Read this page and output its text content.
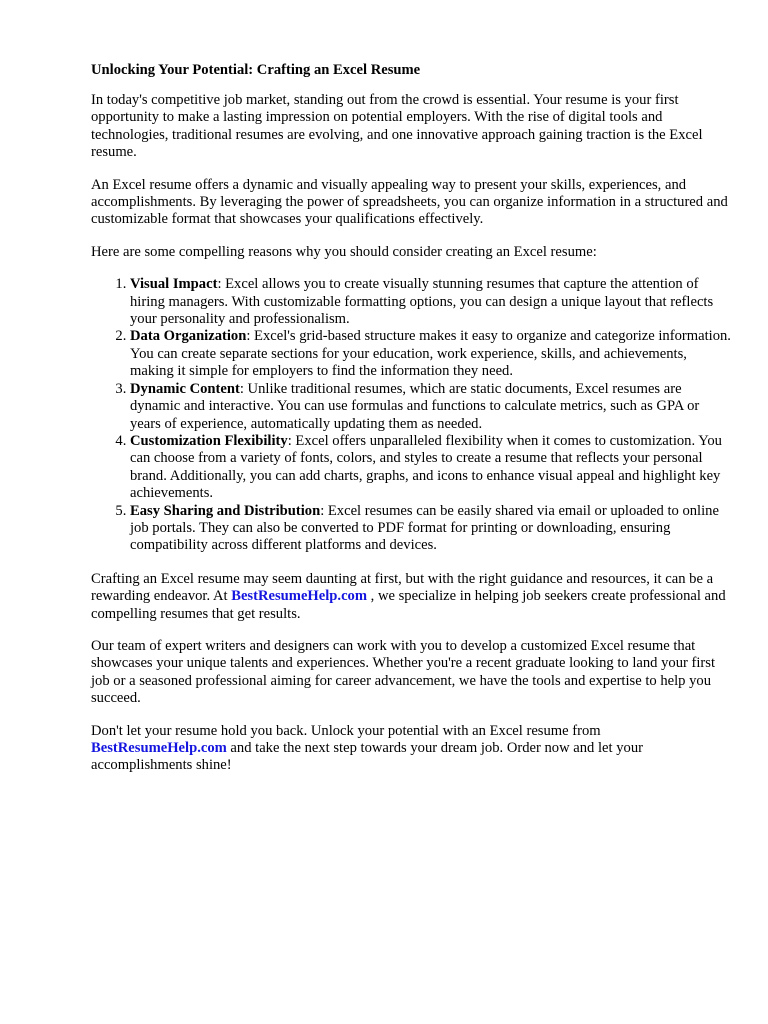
Unlocking Your Potential: Crafting an Excel Resume

In today's competitive job market, standing out from the crowd is essential. Your resume is your first opportunity to make a lasting impression on potential employers. With the rise of digital tools and technologies, traditional resumes are evolving, and one innovative approach gaining traction is the Excel resume.

An Excel resume offers a dynamic and visually appealing way to present your skills, experiences, and accomplishments. By leveraging the power of spreadsheets, you can organize information in a structured and customizable format that showcases your qualifications effectively.

Here are some compelling reasons why you should consider creating an Excel resume:

1. Visual Impact: Excel allows you to create visually stunning resumes that capture the attention of hiring managers. With customizable formatting options, you can design a unique layout that reflects your personality and professionalism.
2. Data Organization: Excel's grid-based structure makes it easy to organize and categorize information. You can create separate sections for your education, work experience, skills, and achievements, making it simple for employers to find the information they need.
3. Dynamic Content: Unlike traditional resumes, which are static documents, Excel resumes are dynamic and interactive. You can use formulas and functions to calculate metrics, such as GPA or years of experience, automatically updating them as needed.
4. Customization Flexibility: Excel offers unparalleled flexibility when it comes to customization. You can choose from a variety of fonts, colors, and styles to create a resume that reflects your personal brand. Additionally, you can add charts, graphs, and icons to enhance visual appeal and highlight key achievements.
5. Easy Sharing and Distribution: Excel resumes can be easily shared via email or uploaded to online job portals. They can also be converted to PDF format for printing or downloading, ensuring compatibility across different platforms and devices.

Crafting an Excel resume may seem daunting at first, but with the right guidance and resources, it can be a rewarding endeavor. At BestResumeHelp.com , we specialize in helping job seekers create professional and compelling resumes that get results.

Our team of expert writers and designers can work with you to develop a customized Excel resume that showcases your unique talents and experiences. Whether you're a recent graduate looking to land your first job or a seasoned professional aiming for career advancement, we have the tools and expertise to help you succeed.

Don't let your resume hold you back. Unlock your potential with an Excel resume from BestResumeHelp.com and take the next step towards your dream job. Order now and let your accomplishments shine!
